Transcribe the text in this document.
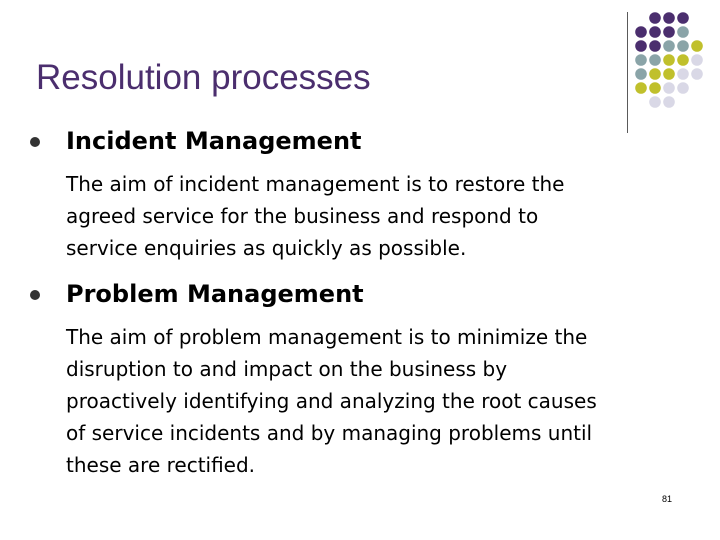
Resolution processes
Incident Management

The aim of incident management is to restore the
agreed service for the business and respond to
service enquiries as quickly as possible.

Problem Management

The aim of problem management is to minimize the
disruption to and impact on the business by
proactively identifying and analyzing the root causes
of service incidents and by managing problems until
these are rectified.

81
